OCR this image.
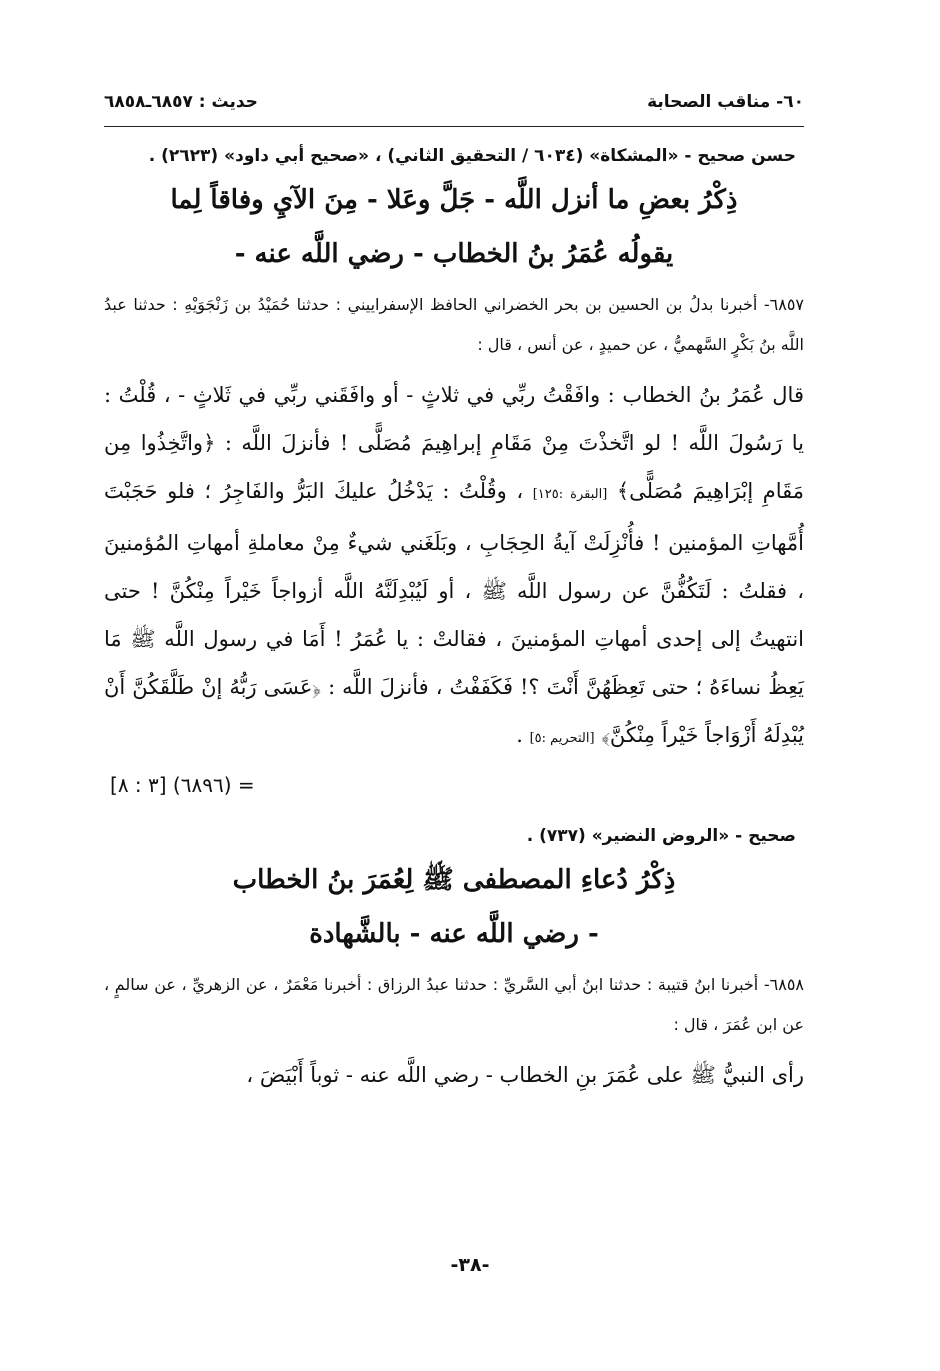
٦٠- مناقب الصحابة
حديث : ٦٨٥٧ـ٦٨٥٨
حسن صحيح - «المشكاة» (٦٠٣٤ / التحقيق الثاني) ، «صحيح أبي داود» (٢٦٢٣) .
ذِكْرُ بعضِ ما أنزل اللَّه - جَلَّ وعَلا - مِنَ الآيِ وفاقاً لِما
يقولُه عُمَرُ بنُ الخطاب - رضي اللَّه عنه -

٦٨٥٧- أخبرنا بدلُ بن الحسين بن بحر الخضراني الحافظ الإسفراييني : حدثنا حُمَيْدُ بن زَنْجَوَيْهِ : حدثنا عبدُ اللَّه بنُ بَكْرٍ السَّهميُّ ، عن حميدٍ ، عن أنس ، قال :

قال عُمَرُ بنُ الخطاب : وافَقْتُ ربِّي في ثلاثٍ - أو وافَقَني ربِّي في ثَلاثٍ - ، قُلْتُ : يا رَسُولَ اللَّه ! لو اتَّخذْتَ مِنْ مَقَامِ إبراهِيمَ مُصَلًّى ! فأنزلَ اللَّه : ﴿واتَّخِذُوا مِن مَقَامِ إبْرَاهِيمَ مُصَلًّى﴾ [البقرة :١٢٥] ، وقُلْتُ : يَدْخُلُ عليكَ البَرُّ والفَاجِرُ ؛ فلو حَجَبْتَ أُمَّهاتِ المؤمنين ! فأُنْزِلَتْ آيةُ الحِجَابِ ، وبَلَغَني شيءٌ مِنْ معاملةِ أمهاتِ المُؤمنينَ ، فقلتُ : لَتَكُفُّنَّ عن رسول اللَّه ﷺ ، أو لَيُبْدِلَنَّهُ اللَّه أزواجاً خَيْراً مِنْكُنَّ ! حتى انتهيتُ إلى إحدى أمهاتِ المؤمنينَ ، فقالتْ : يا عُمَرُ ! أَمَا في رسول اللَّه ﷺ مَا يَعِظُ نساءَهُ ؛ حتى تَعِظَهُنَّ أَنْتَ ؟! فَكَفَفْتُ ، فأنزلَ اللَّه : ﴿عَسَى رَبُّهُ إنْ طَلَّقَكُنَّ أَنْ يُبْدِلَهُ أَزْوَاجاً خَيْراً مِنْكُنَّ﴾ [التحريم :٥] .

= (٦٨٩٦) [٣ : ٨]
صحيح - «الروض النضير» (٧٣٧) .
ذِكْرُ دُعاءِ المصطفى ﷺ لِعُمَرَ بنُ الخطاب
- رضي اللَّه عنه - بالشَّهادة

٦٨٥٨- أخبرنا ابنُ قتيبة : حدثنا ابنُ أبي السَّريِّ : حدثنا عبدُ الرزاق : أخبرنا مَعْمَرٌ ، عن الزهريِّ ، عن سالمٍ ، عن ابن عُمَرَ ، قال :

رأى النبيُّ ﷺ على عُمَرَ بنِ الخطاب - رضي اللَّه عنه - ثوباً أَبْيَضَ ،

-٣٨-
